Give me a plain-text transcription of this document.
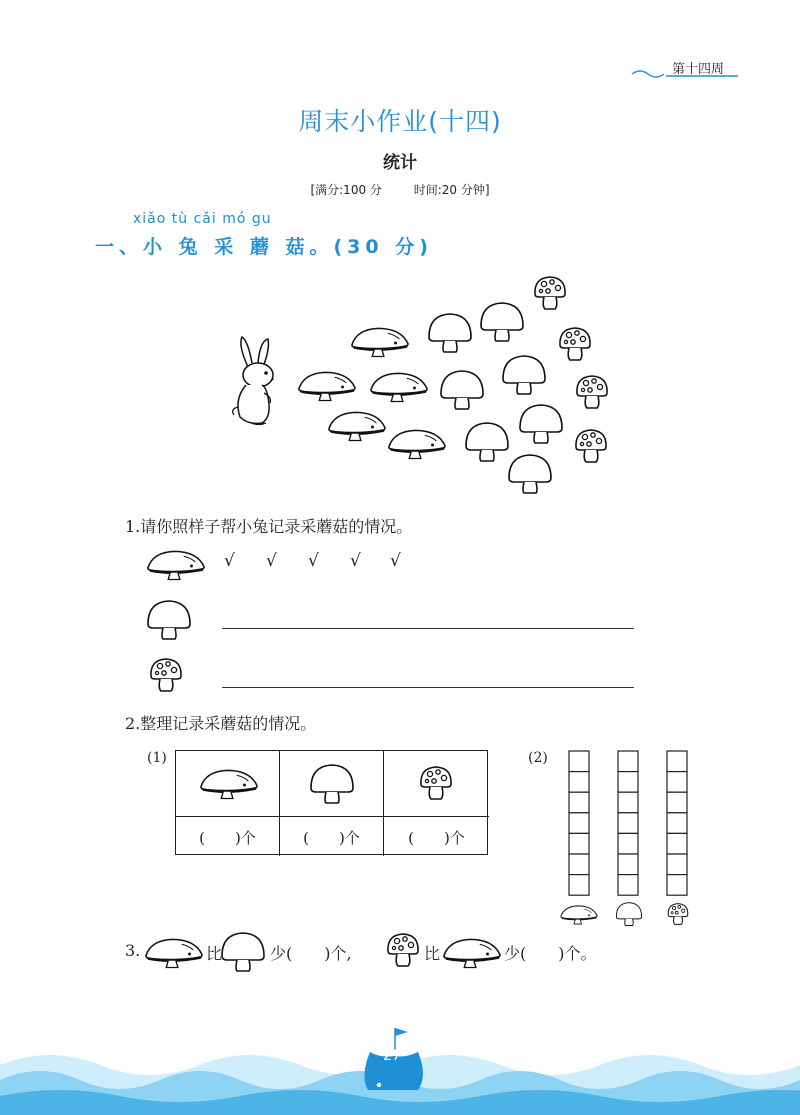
第十四周
周末小作业(十四)
统计
[满分:100 分	时间:20 分钟]
xiǎo tù cǎi mó gu
一、小 兔 采 蘑 菇。(30 分)
1.请你照样子帮小兔记录采蘑菇的情况。
√ √ √ √ √
2.整理记录采蘑菇的情况。
(1)
(　　)个	(　　)个	(　　)个
(2)
3.	比	少(　　)个,	比	少(　　)个。
27
